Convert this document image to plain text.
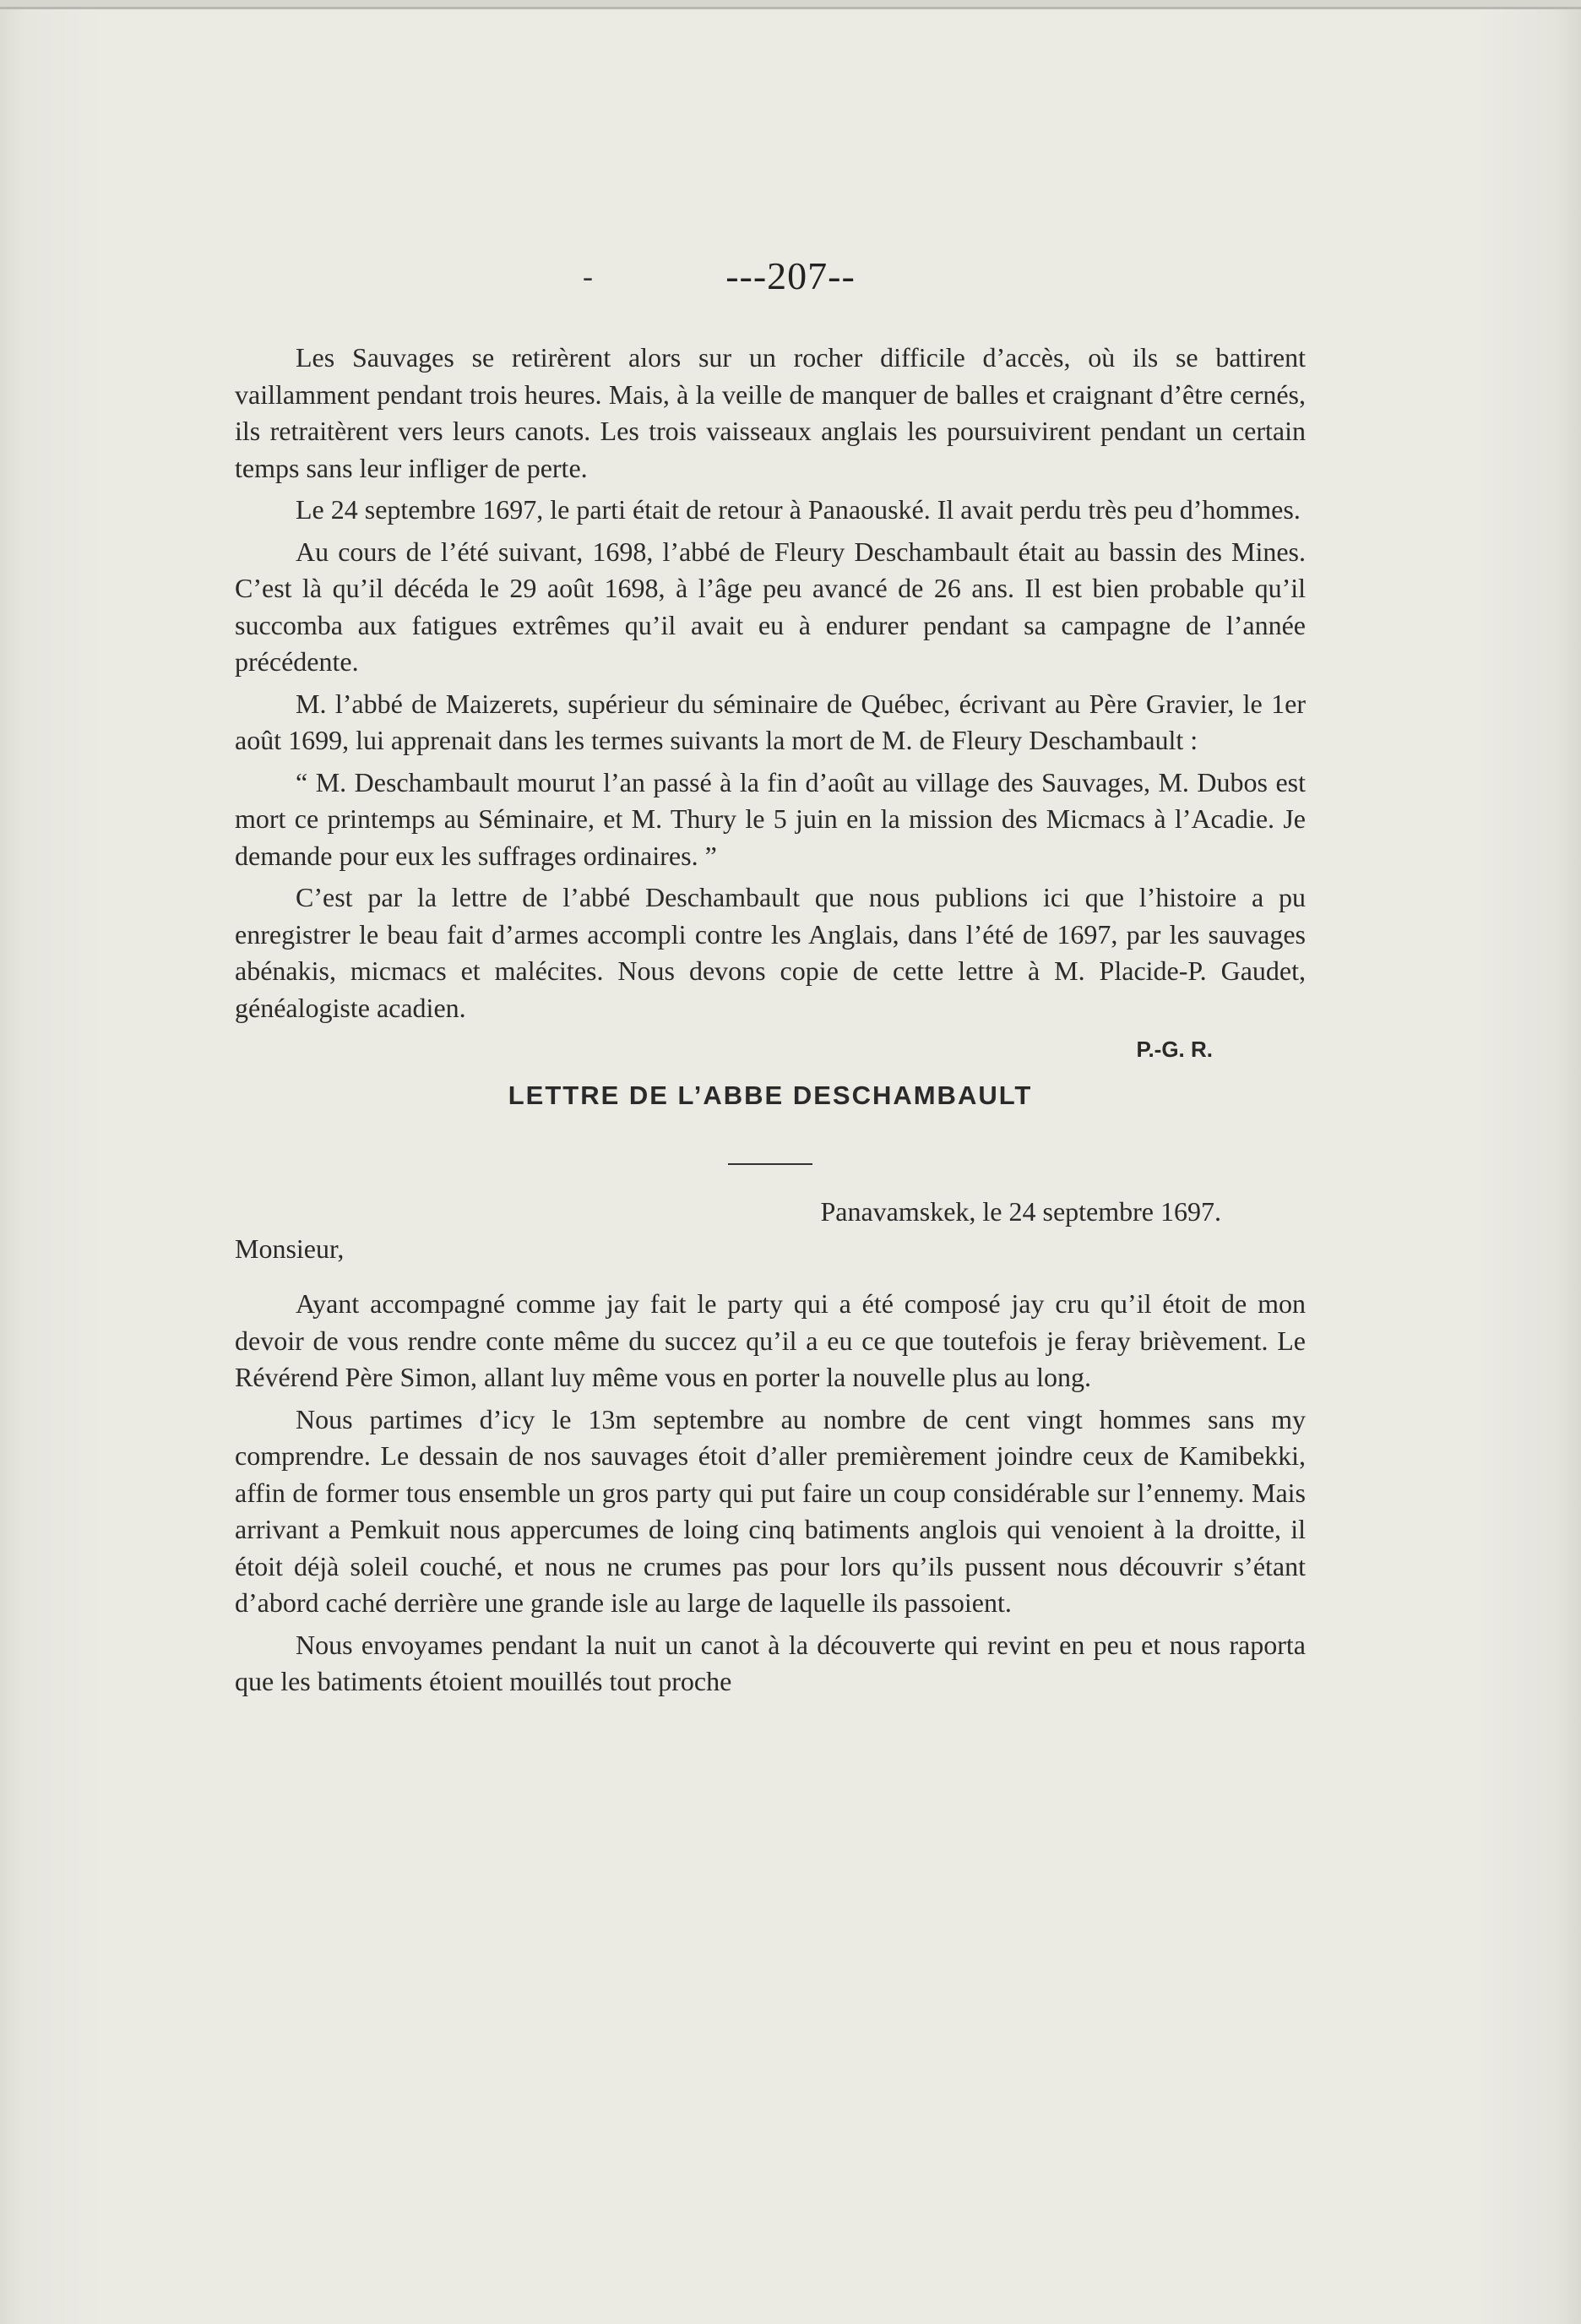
-	---207--

Les Sauvages se retirèrent alors sur un rocher difficile d’accès, où ils se battirent vaillamment pendant trois heures. Mais, à la veille de manquer de balles et craignant d’être cernés, ils retraitèrent vers leurs canots. Les trois vaisseaux anglais les poursuivirent pendant un certain temps sans leur infliger de perte.

Le 24 septembre 1697, le parti était de retour à Panaouské. Il avait perdu très peu d’hommes.

Au cours de l’été suivant, 1698, l’abbé de Fleury Deschambault était au bassin des Mines. C’est là qu’il décéda le 29 août 1698, à l’âge peu avancé de 26 ans. Il est bien probable qu’il succomba aux fatigues extrêmes qu’il avait eu à endurer pendant sa campagne de l’année précédente.

M. l’abbé de Maizerets, supérieur du séminaire de Québec, écrivant au Père Gravier, le 1er août 1699, lui apprenait dans les termes suivants la mort de M. de Fleury Deschambault :

“ M. Deschambault mourut l’an passé à la fin d’août au village des Sauvages, M. Dubos est mort ce printemps au Séminaire, et M. Thury le 5 juin en la mission des Micmacs à l’Acadie. Je demande pour eux les suffrages ordinaires. ”

C’est par la lettre de l’abbé Deschambault que nous publions ici que l’histoire a pu enregistrer le beau fait d’armes accompli contre les Anglais, dans l’été de 1697, par les sauvages abénakis, micmacs et malécites. Nous devons copie de cette lettre à M. Placide-P. Gaudet, généalogiste acadien.

P.-G. R.
LETTRE DE L’ABBE DESCHAMBAULT
Panavamskek, le 24 septembre 1697.

Monsieur,

Ayant accompagné comme jay fait le party qui a été composé jay cru qu’il étoit de mon devoir de vous rendre conte même du succez qu’il a eu ce que toutefois je feray brièvement. Le Révérend Père Simon, allant luy même vous en porter la nouvelle plus au long.

Nous partimes d’icy le 13m septembre au nombre de cent vingt hommes sans my comprendre. Le dessain de nos sauvages étoit d’aller premièrement joindre ceux de Kamibekki, affin de former tous ensemble un gros party qui put faire un coup considérable sur l’ennemy. Mais arrivant a Pemkuit nous appercumes de loing cinq batiments anglois qui venoient à la droitte, il étoit déjà soleil couché, et nous ne crumes pas pour lors qu’ils pussent nous découvrir s’étant d’abord caché derrière une grande isle au large de laquelle ils passoient.

Nous envoyames pendant la nuit un canot à la découverte qui revint en peu et nous raporta que les batiments étoient mouillés tout proche
